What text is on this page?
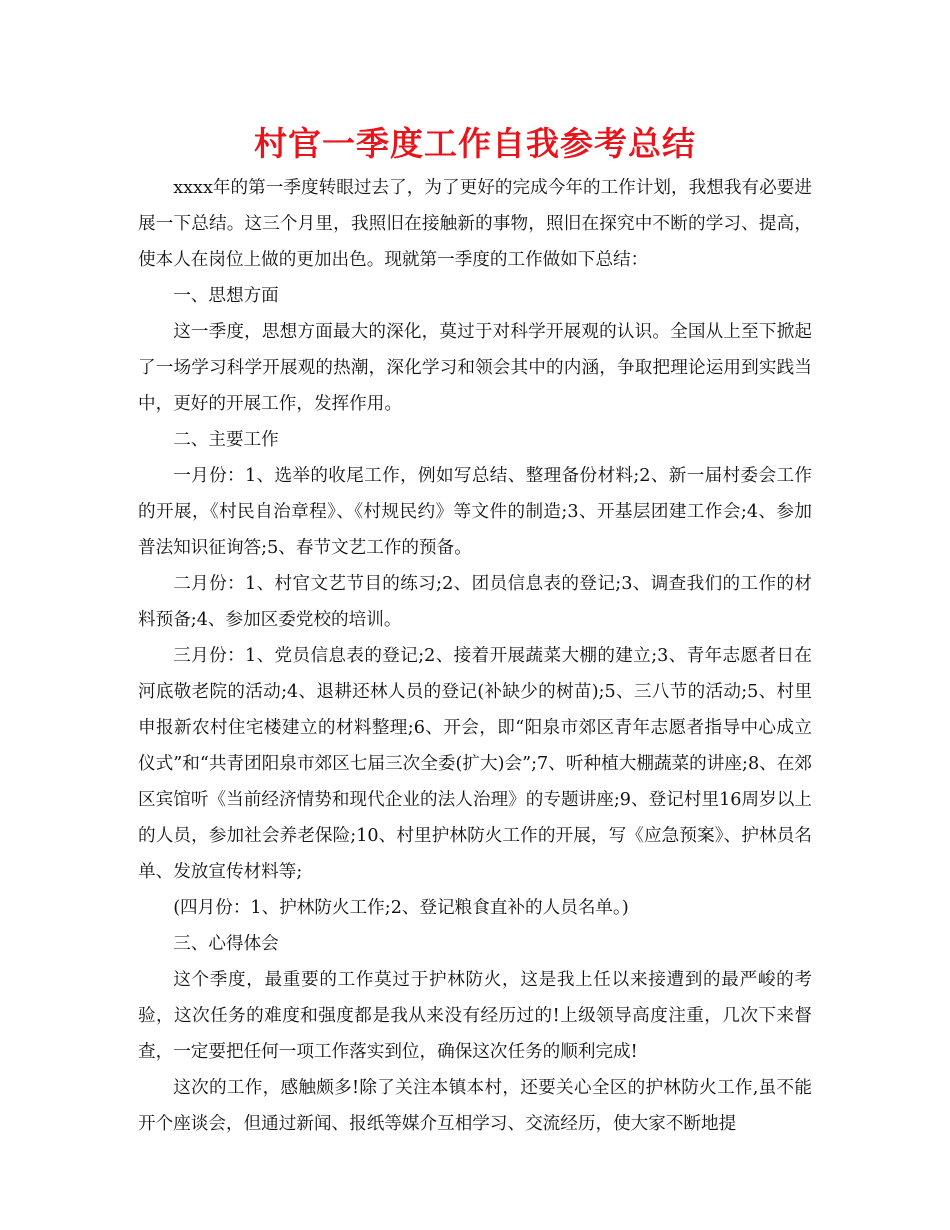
村官一季度工作自我参考总结

xxxx年的第一季度转眼过去了，为了更好的完成今年的工作计划，我想我有必要进展一下总结。这三个月里，我照旧在接触新的事物，照旧在探究中不断的学习、提高，使本人在岗位上做的更加出色。现就第一季度的工作做如下总结：

一、思想方面

这一季度，思想方面最大的深化，莫过于对科学开展观的认识。全国从上至下掀起了一场学习科学开展观的热潮，深化学习和领会其中的内涵，争取把理论运用到实践当中，更好的开展工作，发挥作用。

二、主要工作

一月份：1、选举的收尾工作，例如写总结、整理备份材料;2、新一届村委会工作的开展，《村民自治章程》、《村规民约》等文件的制造;3、开基层团建工作会;4、参加普法知识征询答;5、春节文艺工作的预备。

二月份：1、村官文艺节目的练习;2、团员信息表的登记;3、调查我们的工作的材料预备;4、参加区委党校的培训。

三月份：1、党员信息表的登记;2、接着开展蔬菜大棚的建立;3、青年志愿者日在河底敬老院的活动;4、退耕还林人员的登记(补缺少的树苗);5、三八节的活动;5、村里申报新农村住宅楼建立的材料整理;6、开会，即“阳泉市郊区青年志愿者指导中心成立仪式”和“共青团阳泉市郊区七届三次全委(扩大)会”;7、听种植大棚蔬菜的讲座;8、在郊区宾馆听《当前经济情势和现代企业的法人治理》的专题讲座;9、登记村里16周岁以上的人员，参加社会养老保险;10、村里护林防火工作的开展，写《应急预案》、护林员名单、发放宣传材料等;

(四月份：1、护林防火工作;2、登记粮食直补的人员名单。)

三、心得体会

这个季度，最重要的工作莫过于护林防火，这是我上任以来接遭到的最严峻的考验，这次任务的难度和强度都是我从来没有经历过的!上级领导高度注重，几次下来督查，一定要把任何一项工作落实到位，确保这次任务的顺利完成!

这次的工作，感触颇多!除了关注本镇本村，还要关心全区的护林防火工作,虽不能开个座谈会，但通过新闻、报纸等媒介互相学习、交流经历，使大家不断地提
